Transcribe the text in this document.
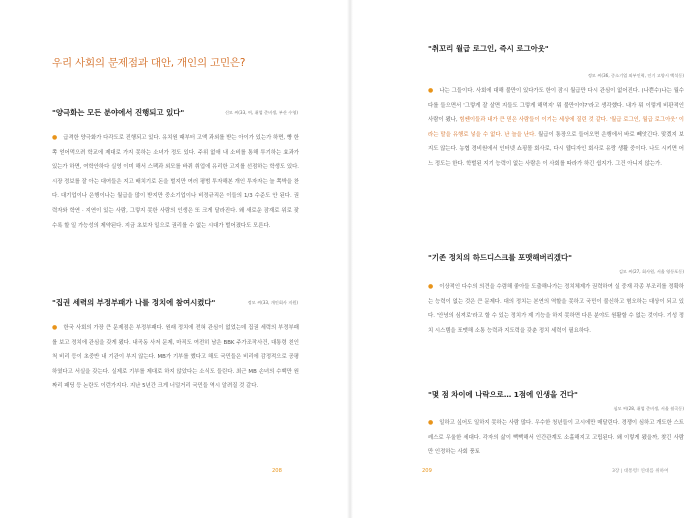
우리 사회의 문제점과 대안, 개인의 고민은?

"양극화는 모든 분야에서 진행되고 있다"	신모 씨(33, 여, 취업 준비생, 부산 수영)

● 급격한 양극화가 다각도로 진행되고 있다. 유치원 때부터 고액 과외를 받는 아이가 있는가 하면, 빵 한 쪽 얻어먹으려 학교에 제대로 가지 못하는 소녀가 정도 있다. 주위 없애 내 소비를 통해 투기하는 효과가 있는가 하면, 여학안하다 실영 이미 해서 스팩과 외모를 바뀌 취업에 유리한 고지를 선점하는 학생도 있다. 시장 정보를 잘 아는 대여들은 지고 배치기로 돈을 벌지만 여러 평범 투자해본 개인 투자자는 늘 쪽박을 찬다. 대기업이나 은행이나는 월급을 많이 받지만 중소기업이나 비정규직은 이들의 1/3 수준도 안 된다. 권력자와 학연 · 지연이 있는 사람, 그렇지 못한 사람의 인생은 또 크게 달라진다. 왜 새로운 잠재로 위로 잦수록 할 일 가능성의 제약된다. 지금 초보자 일으로 권리를 수 없는 시대가 벌어졌다도 모른다.

"집권 세력의 부정부패가 나를 정치에 참여시켰다"	정모 씨(33, 개인회사 지원)

● 한국 사회의 가장 큰 문제점은 부정부패다. 원래 정치에 전혀 관심이 없었는데 집권 세력의 부정부패를 보고 정치에 관심을 갖게 됐다. 내곡동 사저 문제, 마직도 여전히 남은 BBK 주가조작사건, 대통령 친인척 비리 등이 초중반 내 기관이 부지 않는다. MB가 기부를 했다고 해도 국민들은 비리에 감정적으로 공평하였다고 서실을 갖는다. 실제로 기부를 제대로 하지 않았다는 소식도 들린다. 최근 MB 손녀의 수백만 원 짜리 패딩 등 논란도 이런가지다. 지난 5년간 크게 너덜거리 국민들 역시 알려질 것 같다.

208

"취꼬리 월급 로그인, 즉시 로그아웃"

정모 씨(36, 중소기업 외부인력, 인기 고양시 백석동)

● 나는 그들이다. 사회에 대해 불만이 있다가도 한이 잠시 월급만 다시 관심이 없어진다. (나쁜수)나는 월수다를 들으면서 '그렇게 잘 살면 지들도 그렇게 해먹지' 뭐 불만이야?'라고 생각했다. 내가 뭐 이렇게 비판적인 사람이 됐나, 힘쎈이들과 내가 큰 믿은 사람들이 이기는 세상에 질린 것 같다. '월급 로그인, 월급 로그아웃' 이라는 말을 유행로 넣을 수 없다. 난 늘을 난다. 월급이 통장으로 들어오면 은행에서 바로 빼앗긴다. 맞겠지 보지도 않는다. 농협 경비원에서 인터넷 쇼핑몰 회사로, 다시 웹디자인 회사로 유랑 생활 중이다. 나도 시키면 어느 정도는 한다. 학벌된 지기 능력이 없는 사람은 이 사회를 따라가 하긴 쉽지가. 그건 아니지 않는가.

"기존 정치의 하드디스크를 포맷해버리겠다"

김모 씨(27, 회사원, 서울 영등포동)

● 이상적인 다수의 의견을 수렴해 좋아들 도출해나가는 정치체제가 권력하여 실 중재 각종 부조리를 정확하는 능력이 없는 것은 큰 문제다. 대의 정치는 본연의 역할을 못하고 국민이 불신하고 혐오하는 대상이 되고 있다. '안녕의 심져로'라고 할 수 있는 정치가 제 기능을 하지 못하면 다른 분야도 원활할 수 없는 것이다. 기성 정치 시스템을 포맷해 소통 능력과 지도력을 갖춘 정치 세력이 필요하다.

"몇 점 차이에 나락으로… 1점에 인생을 건다"

심모 씨(28, 취업 준비생, 서울 월곡동)

● 일하고 싶어도 일하지 못하는 사람 많다. 우수한 청년들이 고시에만 매달린다. 경쟁이 심하고 개도한 스트레스로 우울한 세대다. 각자의 삶이 뻑뻑해서 인간관계도 소홀해지고 고립된다. 왜 이렇게 됐을까, 찾긴 사람만 인정하는 사회 풍토

209	3장 | 대통령! 연대를 위하여
